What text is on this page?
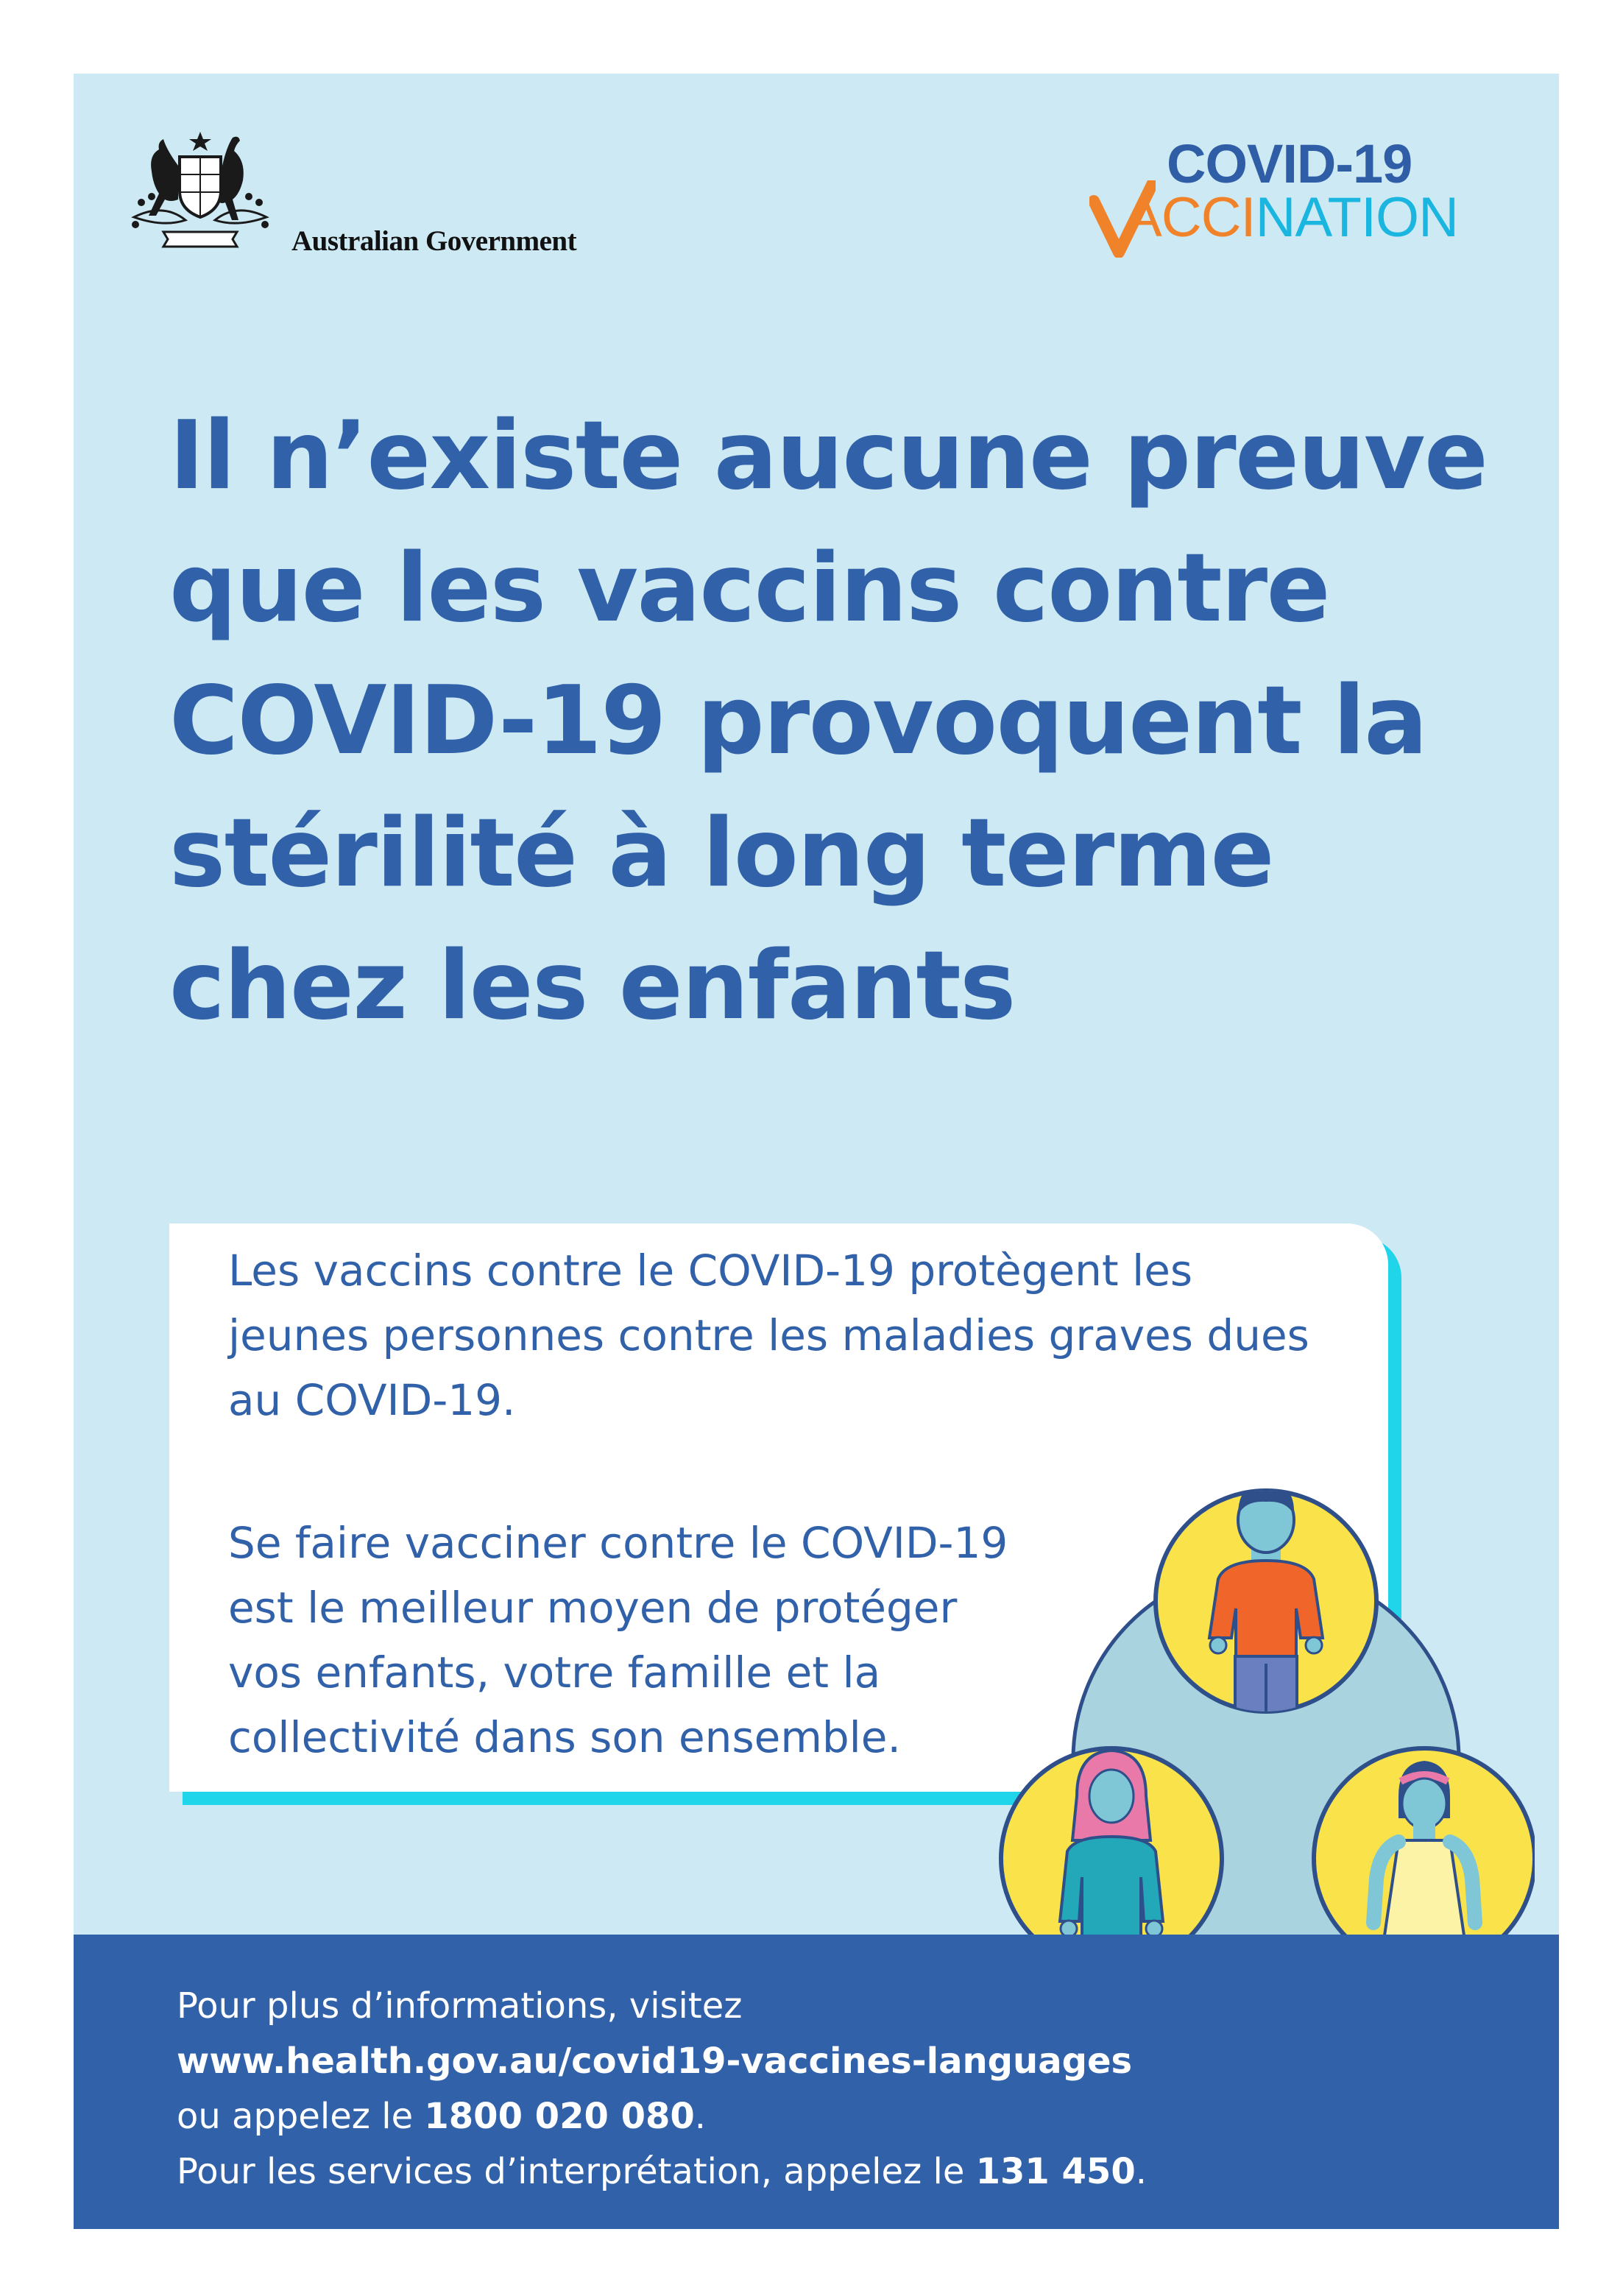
Australian Government
COVID-19
ACCINATION
Il n’existe aucune preuve que les vaccins contre COVID-19 provoquent la stérilité à long terme chez les enfants

Les vaccins contre le COVID-19 protègent les jeunes personnes contre les maladies graves dues au COVID-19.

Se faire vacciner contre le COVID-19 est le meilleur moyen de protéger vos enfants, votre famille et la collectivité dans son ensemble.

Pour plus d’informations, visitez
www.health.gov.au/covid19-vaccines-languages
ou appelez le 1800 020 080.
Pour les services d’interprétation, appelez le 131 450.
